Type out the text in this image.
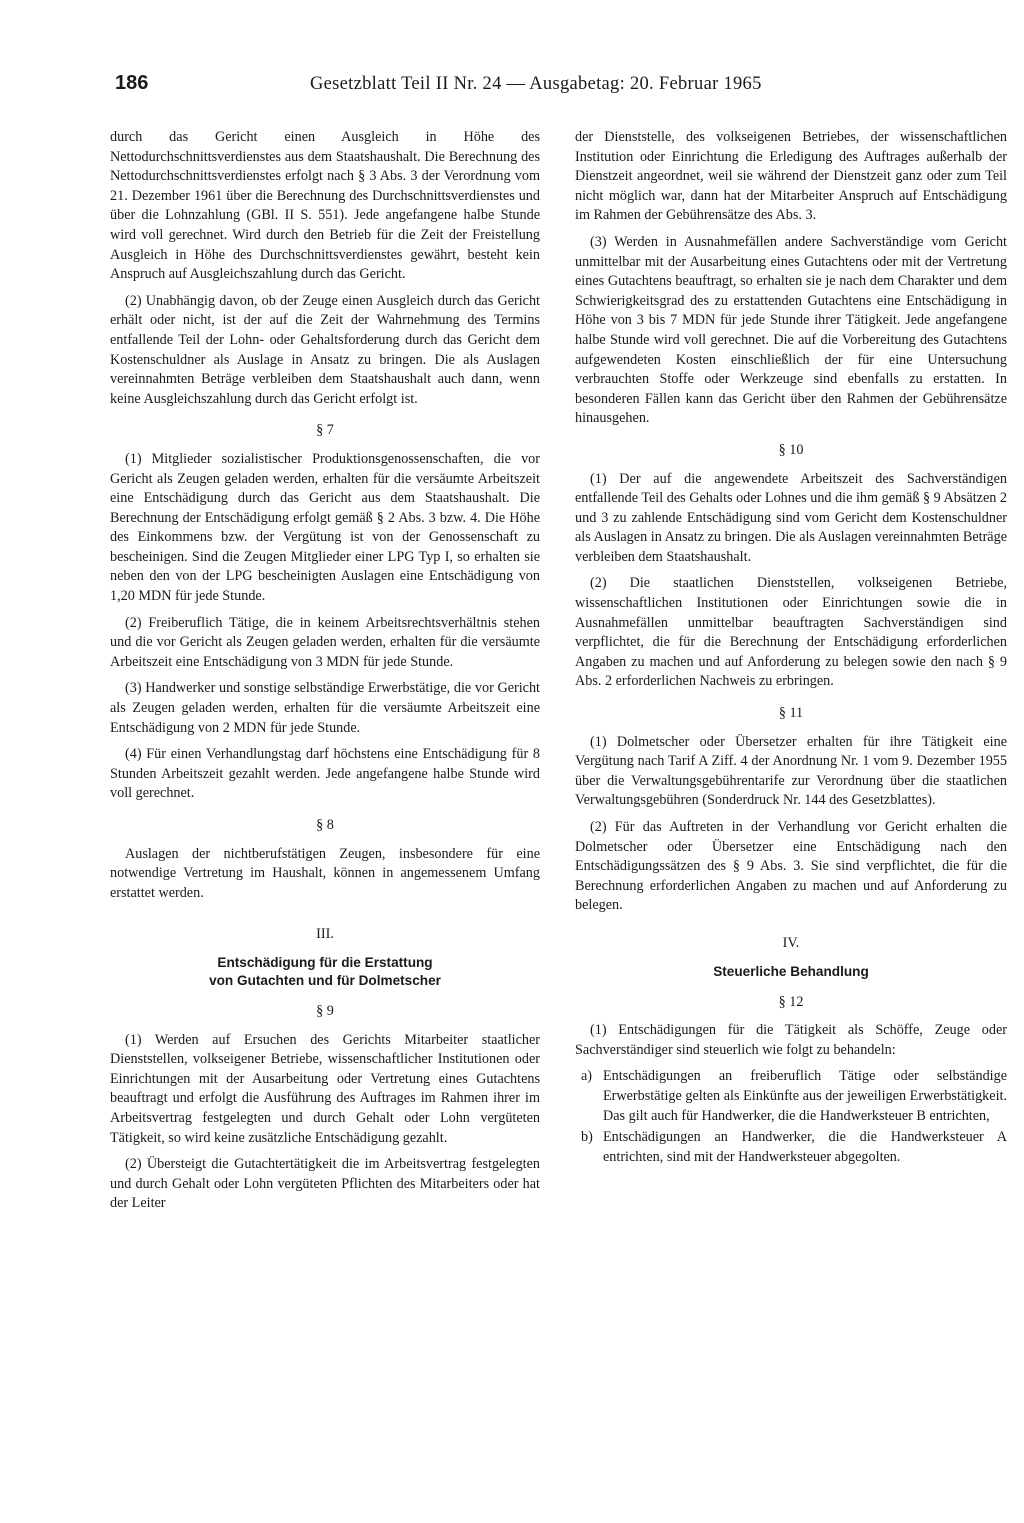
186	Gesetzblatt Teil II Nr. 24 — Ausgabetag: 20. Februar 1965

durch das Gericht einen Ausgleich in Höhe des Nettodurchschnittsverdienstes aus dem Staatshaushalt. Die Berechnung des Nettodurchschnittsverdienstes erfolgt nach § 3 Abs. 3 der Verordnung vom 21. Dezember 1961 über die Berechnung des Durchschnittsverdienstes und über die Lohnzahlung (GBl. II S. 551). Jede angefangene halbe Stunde wird voll gerechnet. Wird durch den Betrieb für die Zeit der Freistellung Ausgleich in Höhe des Durchschnittsverdienstes gewährt, besteht kein Anspruch auf Ausgleichszahlung durch das Gericht.

(2) Unabhängig davon, ob der Zeuge einen Ausgleich durch das Gericht erhält oder nicht, ist der auf die Zeit der Wahrnehmung des Termins entfallende Teil der Lohn- oder Gehaltsforderung durch das Gericht dem Kostenschuldner als Auslage in Ansatz zu bringen. Die als Auslagen vereinnahmten Beträge verbleiben dem Staatshaushalt auch dann, wenn keine Ausgleichszahlung durch das Gericht erfolgt ist.

§ 7

(1) Mitglieder sozialistischer Produktionsgenossenschaften, die vor Gericht als Zeugen geladen werden, erhalten für die versäumte Arbeitszeit eine Entschädigung durch das Gericht aus dem Staatshaushalt. Die Berechnung der Entschädigung erfolgt gemäß § 2 Abs. 3 bzw. 4. Die Höhe des Einkommens bzw. der Vergütung ist von der Genossenschaft zu bescheinigen. Sind die Zeugen Mitglieder einer LPG Typ I, so erhalten sie neben den von der LPG bescheinigten Auslagen eine Entschädigung von 1,20 MDN für jede Stunde.

(2) Freiberuflich Tätige, die in keinem Arbeitsrechtsverhältnis stehen und die vor Gericht als Zeugen geladen werden, erhalten für die versäumte Arbeitszeit eine Entschädigung von 3 MDN für jede Stunde.

(3) Handwerker und sonstige selbständige Erwerbstätige, die vor Gericht als Zeugen geladen werden, erhalten für die versäumte Arbeitszeit eine Entschädigung von 2 MDN für jede Stunde.

(4) Für einen Verhandlungstag darf höchstens eine Entschädigung für 8 Stunden Arbeitszeit gezahlt werden. Jede angefangene halbe Stunde wird voll gerechnet.

§ 8

Auslagen der nichtberufstätigen Zeugen, insbesondere für eine notwendige Vertretung im Haushalt, können in angemessenem Umfang erstattet werden.

III.
Entschädigung für die Erstattung
von Gutachten und für Dolmetscher
§ 9

(1) Werden auf Ersuchen des Gerichts Mitarbeiter staatlicher Dienststellen, volkseigener Betriebe, wissenschaftlicher Institutionen oder Einrichtungen mit der Ausarbeitung oder Vertretung eines Gutachtens beauftragt und erfolgt die Ausführung des Auftrages im Rahmen ihrer im Arbeitsvertrag festgelegten und durch Gehalt oder Lohn vergüteten Tätigkeit, so wird keine zusätzliche Entschädigung gezahlt.

(2) Übersteigt die Gutachtertätigkeit die im Arbeitsvertrag festgelegten und durch Gehalt oder Lohn vergüteten Pflichten des Mitarbeiters oder hat der Leiter

der Dienststelle, des volkseigenen Betriebes, der wissenschaftlichen Institution oder Einrichtung die Erledigung des Auftrages außerhalb der Dienstzeit angeordnet, weil sie während der Dienstzeit ganz oder zum Teil nicht möglich war, dann hat der Mitarbeiter Anspruch auf Entschädigung im Rahmen der Gebührensätze des Abs. 3.

(3) Werden in Ausnahmefällen andere Sachverständige vom Gericht unmittelbar mit der Ausarbeitung eines Gutachtens oder mit der Vertretung eines Gutachtens beauftragt, so erhalten sie je nach dem Charakter und dem Schwierigkeitsgrad des zu erstattenden Gutachtens eine Entschädigung in Höhe von 3 bis 7 MDN für jede Stunde ihrer Tätigkeit. Jede angefangene halbe Stunde wird voll gerechnet. Die auf die Vorbereitung des Gutachtens aufgewendeten Kosten einschließlich der für eine Untersuchung verbrauchten Stoffe oder Werkzeuge sind ebenfalls zu erstatten. In besonderen Fällen kann das Gericht über den Rahmen der Gebührensätze hinausgehen.

§ 10

(1) Der auf die angewendete Arbeitszeit des Sachverständigen entfallende Teil des Gehalts oder Lohnes und die ihm gemäß § 9 Absätzen 2 und 3 zu zahlende Entschädigung sind vom Gericht dem Kostenschuldner als Auslagen in Ansatz zu bringen. Die als Auslagen vereinnahmten Beträge verbleiben dem Staatshaushalt.

(2) Die staatlichen Dienststellen, volkseigenen Betriebe, wissenschaftlichen Institutionen oder Einrichtungen sowie die in Ausnahmefällen unmittelbar beauftragten Sachverständigen sind verpflichtet, die für die Berechnung der Entschädigung erforderlichen Angaben zu machen und auf Anforderung zu belegen sowie den nach § 9 Abs. 2 erforderlichen Nachweis zu erbringen.

§ 11

(1) Dolmetscher oder Übersetzer erhalten für ihre Tätigkeit eine Vergütung nach Tarif A Ziff. 4 der Anordnung Nr. 1 vom 9. Dezember 1955 über die Verwaltungsgebührentarife zur Verordnung über die staatlichen Verwaltungsgebühren (Sonderdruck Nr. 144 des Gesetzblattes).

(2) Für das Auftreten in der Verhandlung vor Gericht erhalten die Dolmetscher oder Übersetzer eine Entschädigung nach den Entschädigungssätzen des § 9 Abs. 3. Sie sind verpflichtet, die für die Berechnung erforderlichen Angaben zu machen und auf Anforderung zu belegen.

IV.
Steuerliche Behandlung
§ 12

(1) Entschädigungen für die Tätigkeit als Schöffe, Zeuge oder Sachverständiger sind steuerlich wie folgt zu behandeln:

a) Entschädigungen an freiberuflich Tätige oder selbständige Erwerbstätige gelten als Einkünfte aus der jeweiligen Erwerbstätigkeit. Das gilt auch für Handwerker, die die Handwerksteuer B entrichten,
b) Entschädigungen an Handwerker, die die Handwerksteuer A entrichten, sind mit der Handwerksteuer abgegolten.
